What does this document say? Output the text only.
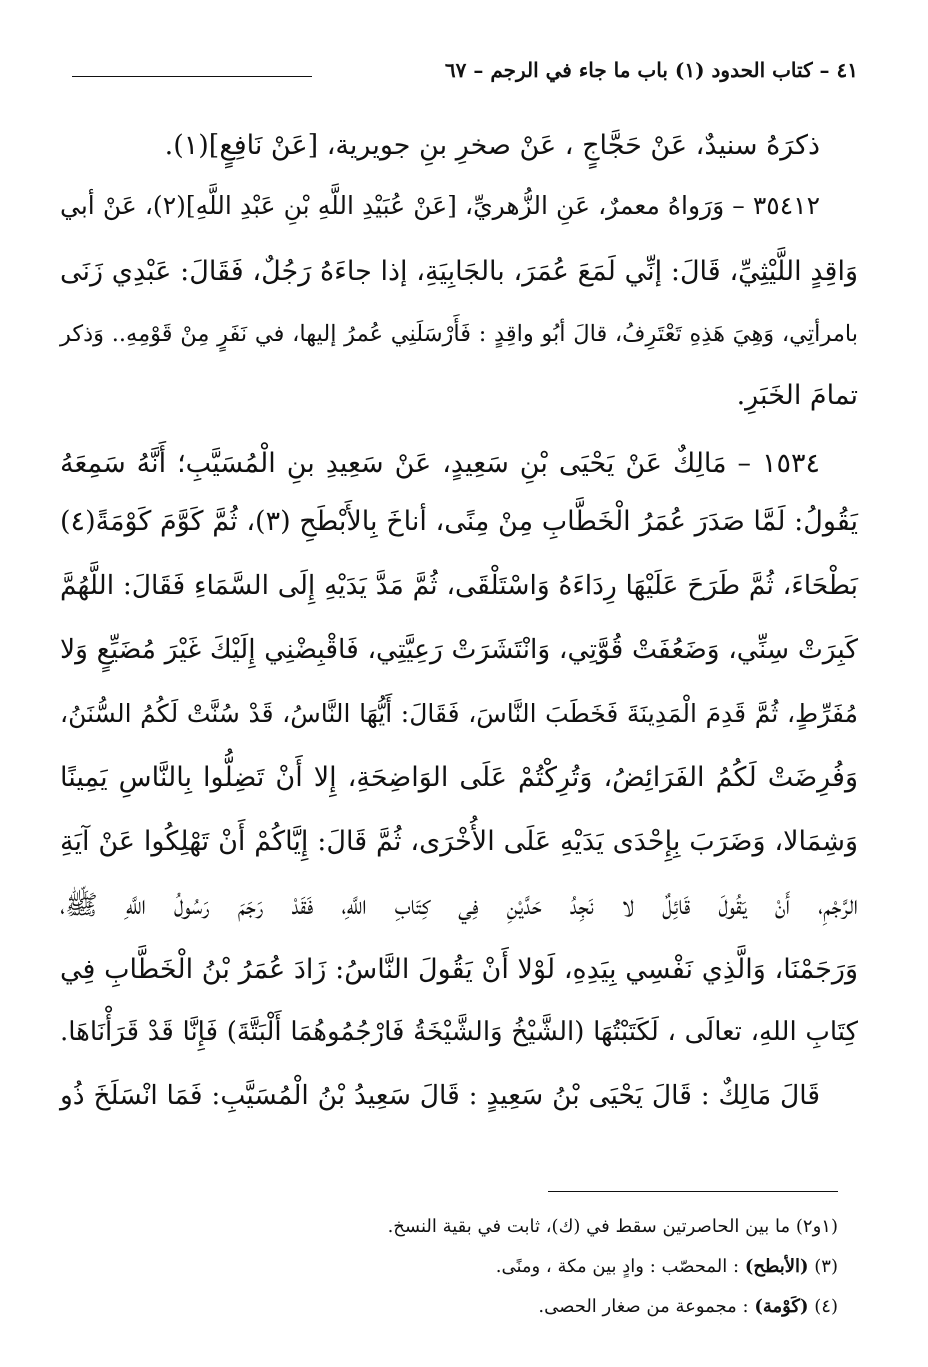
٤١ – كتاب الحدود (١) باب ما جاء في الرجم – ٦٧
ذكرَهُ سنيدٌ، عَنْ حَجَّاجٍ ، عَنْ صخرِ بنِ جويرية، [عَنْ نَافِعٍ](١).
٣٥٤١٢ – وَرَواهُ معمرٌ، عَنِ الزُّهريِّ، [عَنْ عُبَيْدِ اللَّهِ بْنِ عَبْدِ اللَّهِ](٢)، عَنْ أبي
وَاقِدٍ اللَّيْثِيِّ، قَالَ: إنِّي لَمَعَ عُمَرَ، بالجَابِيَةِ، إذا جاءَهُ رَجُلٌ، فَقَالَ: عَبْدِي زَنَى
بامرأتِي، وَهِيَ هَذِهِ تَعْتَرِفُ، قالَ أبُو واقِدٍ : فَأَرْسَلَنِي عُمرُ إليها، في نَفَرٍ مِنْ قَوْمِهِ.. وَذكر
تمامَ الخَبَرِ.
١٥٣٤ – مَالِكٌ عَنْ يَحْيَى بْنِ سَعِيدٍ، عَنْ سَعِيدِ بنِ الْمُسَيَّبِ؛ أَنَّهُ سَمِعَهُ
يَقُولُ: لَمَّا صَدَرَ عُمَرُ الْخَطَّابِ مِنْ مِنًى، أناخَ بِالأَبْطَحِ (٣)، ثُمَّ كَوَّمَ كَوْمَةً(٤)
بَطْحَاءَ، ثُمَّ طَرَحَ عَلَيْهَا رِدَاءَهُ وَاسْتَلْقَى، ثُمَّ مَدَّ يَدَيْهِ إِلَى السَّمَاءِ فَقَالَ: اللَّهُمَّ
كَبِرَتْ سِنِّي، وَضَعُفَتْ قُوَّتِي، وَانْتَشَرَتْ رَعِيَّتِي، فَاقْبِضْنِي إِلَيْكَ غَيْرَ مُضَيِّعٍ وَلا
مُفَرِّطٍ، ثُمَّ قَدِمَ الْمَدِينَةَ فَخَطَبَ النَّاسَ، فَقَالَ: أَيُّهَا النَّاسُ، قَدْ سُنَّتْ لَكُمُ السُّنَنُ،
وَفُرِضَتْ لَكُمُ الفَرَائِضُ، وَتُرِكْتُمْ عَلَى الوَاضِحَةِ، إِلا أَنْ تَضِلُّوا بِالنَّاسِ يَمِينًا
وَشِمَالا، وَضَرَبَ بِإِحْدَى يَدَيْهِ عَلَى الأُخْرَى، ثُمَّ قَالَ: إِيَّاكُمْ أَنْ تَهْلِكُوا عَنْ آيَةِ
الرَّجْمِ، أَنْ يَقُولَ قَائِلٌ لا نَجِدُ حَدَّيْنِ فِي كِتَابِ اللَّهِ، فَقَدْ رَجَمَ رَسُولُ اللَّهِ ﷺ،
وَرَجَمْنَا، وَالَّذِي نَفْسِي بِيَدِهِ، لَوْلا أَنْ يَقُولَ النَّاسُ: زَادَ عُمَرُ بْنُ الْخَطَّابِ فِي
كِتَابِ اللهِ، تعالَى ، لَكَتَبْتُهَا (الشَّيْخُ وَالشَّيْخَةُ فَارْجُمُوهُمَا أَلْبَتَّةَ) فَإِنَّا قَدْ قَرَأْنَاهَا.
قَالَ مَالِكٌ : قَالَ يَحْيَى بْنُ سَعِيدٍ : قَالَ سَعِيدُ بْنُ الْمُسَيَّبِ: فَمَا انْسَلَخَ ذُو
(١و٢) ما بين الحاصرتين سقط في (ك)، ثابت في بقية النسخ.
(٣) (الأبطح) : المحصّب : وادٍ بين مكة ، ومنًى.
(٤) (كَوْمة) : مجموعة من صغار الحصى.
